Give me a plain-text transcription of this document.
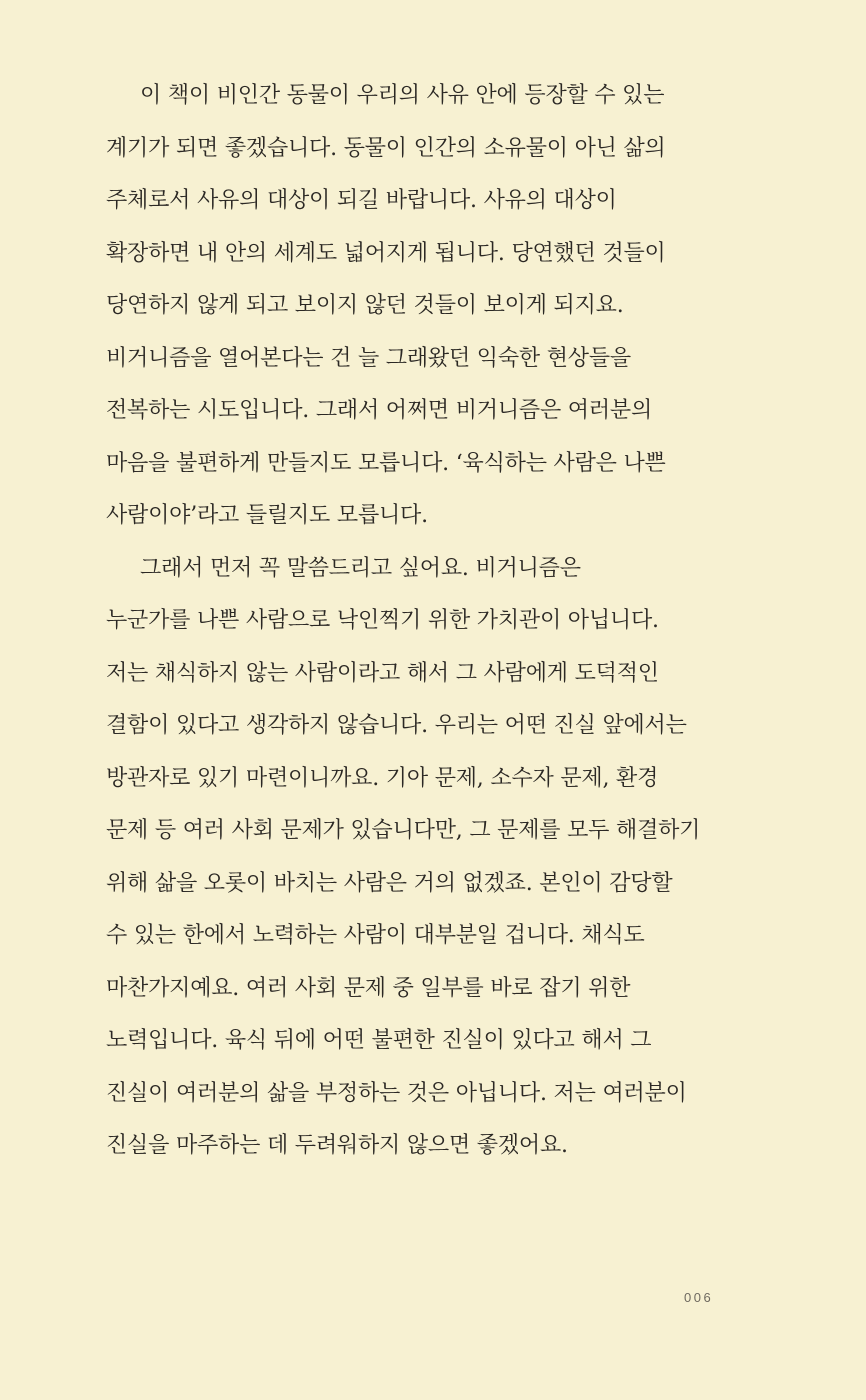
이 책이 비인간 동물이 우리의 사유 안에 등장할 수 있는
계기가 되면 좋겠습니다. 동물이 인간의 소유물이 아닌 삶의
주체로서 사유의 대상이 되길 바랍니다. 사유의 대상이
확장하면 내 안의 세계도 넓어지게 됩니다. 당연했던 것들이
당연하지 않게 되고 보이지 않던 것들이 보이게 되지요.
비거니즘을 열어본다는 건 늘 그래왔던 익숙한 현상들을
전복하는 시도입니다. 그래서 어쩌면 비거니즘은 여러분의
마음을 불편하게 만들지도 모릅니다. ‘육식하는 사람은 나쁜
사람이야’라고 들릴지도 모릅니다.
그래서 먼저 꼭 말씀드리고 싶어요. 비거니즘은
누군가를 나쁜 사람으로 낙인찍기 위한 가치관이 아닙니다.
저는 채식하지 않는 사람이라고 해서 그 사람에게 도덕적인
결함이 있다고 생각하지 않습니다. 우리는 어떤 진실 앞에서는
방관자로 있기 마련이니까요. 기아 문제, 소수자 문제, 환경
문제 등 여러 사회 문제가 있습니다만, 그 문제를 모두 해결하기
위해 삶을 오롯이 바치는 사람은 거의 없겠죠. 본인이 감당할
수 있는 한에서 노력하는 사람이 대부분일 겁니다. 채식도
마찬가지예요. 여러 사회 문제 중 일부를 바로 잡기 위한
노력입니다. 육식 뒤에 어떤 불편한 진실이 있다고 해서 그
진실이 여러분의 삶을 부정하는 것은 아닙니다. 저는 여러분이
진실을 마주하는 데 두려워하지 않으면 좋겠어요.
006
